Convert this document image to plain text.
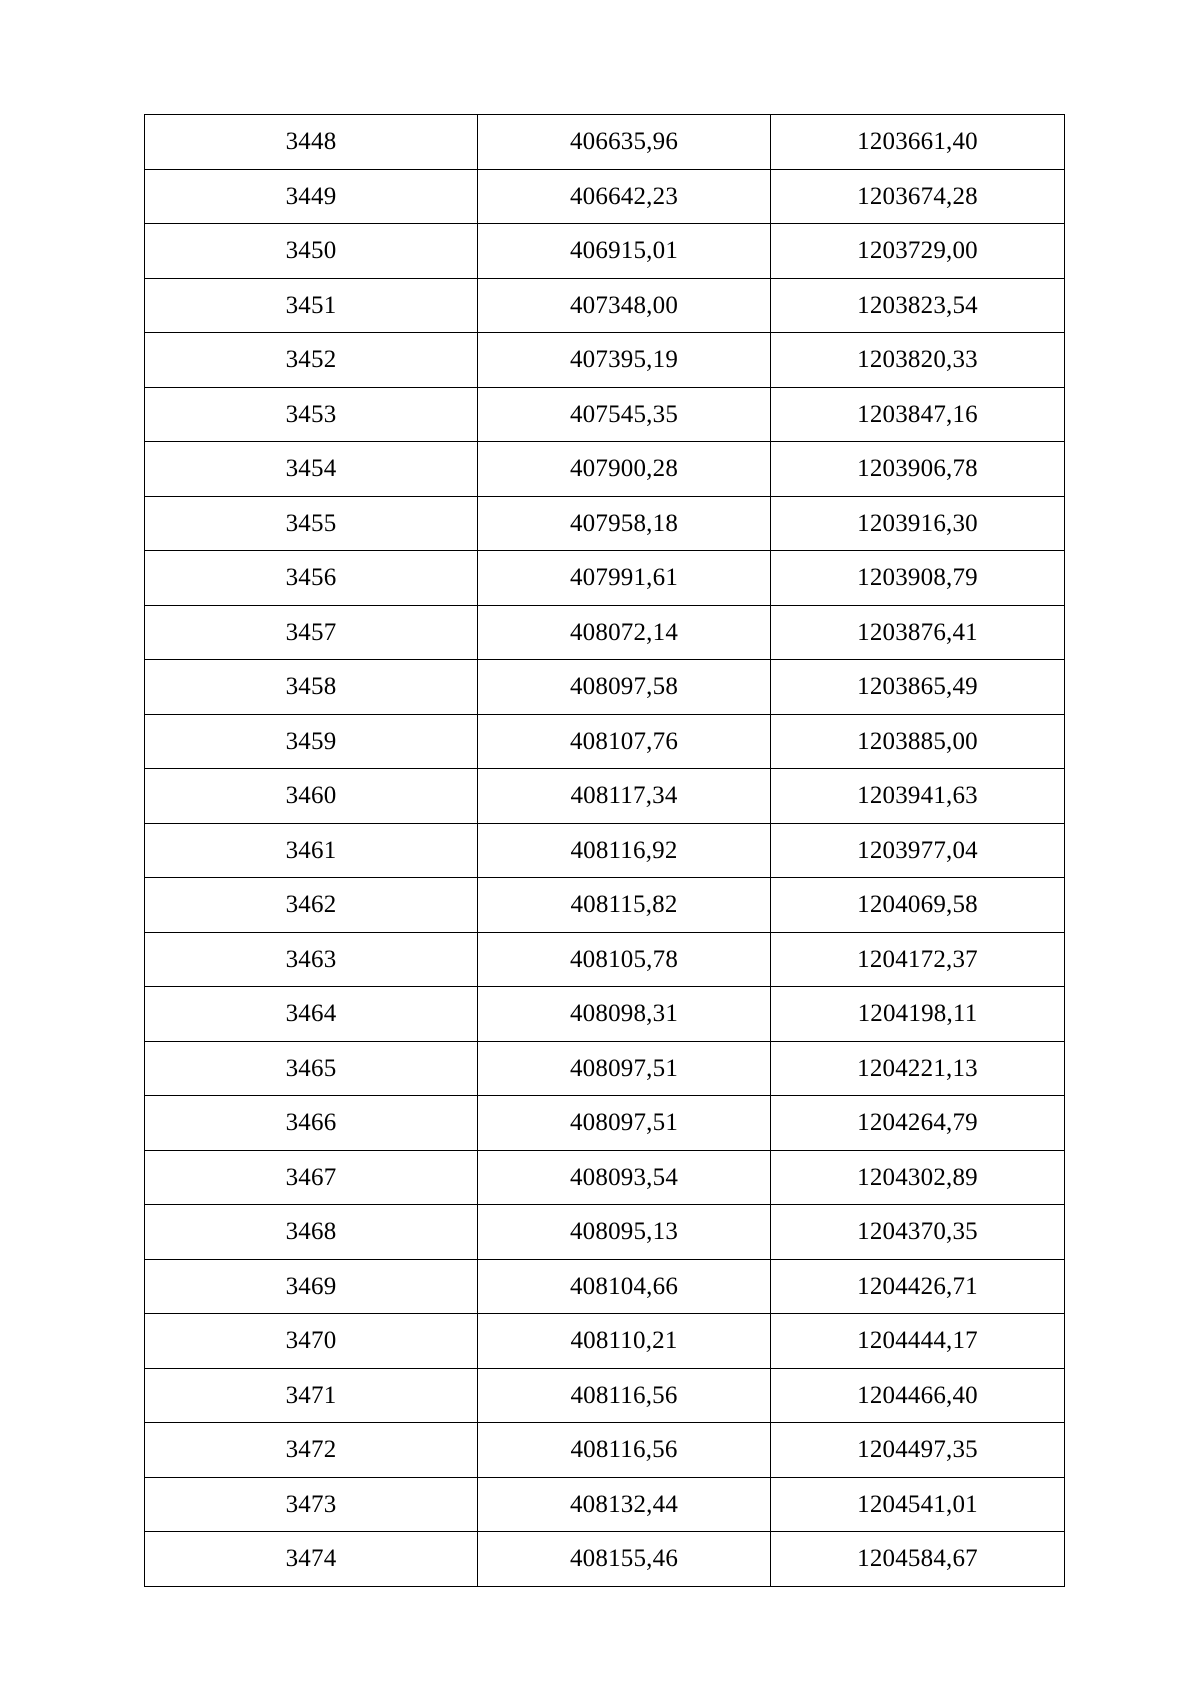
3448	406635,96	1203661,40
3449	406642,23	1203674,28
3450	406915,01	1203729,00
3451	407348,00	1203823,54
3452	407395,19	1203820,33
3453	407545,35	1203847,16
3454	407900,28	1203906,78
3455	407958,18	1203916,30
3456	407991,61	1203908,79
3457	408072,14	1203876,41
3458	408097,58	1203865,49
3459	408107,76	1203885,00
3460	408117,34	1203941,63
3461	408116,92	1203977,04
3462	408115,82	1204069,58
3463	408105,78	1204172,37
3464	408098,31	1204198,11
3465	408097,51	1204221,13
3466	408097,51	1204264,79
3467	408093,54	1204302,89
3468	408095,13	1204370,35
3469	408104,66	1204426,71
3470	408110,21	1204444,17
3471	408116,56	1204466,40
3472	408116,56	1204497,35
3473	408132,44	1204541,01
3474	408155,46	1204584,67
